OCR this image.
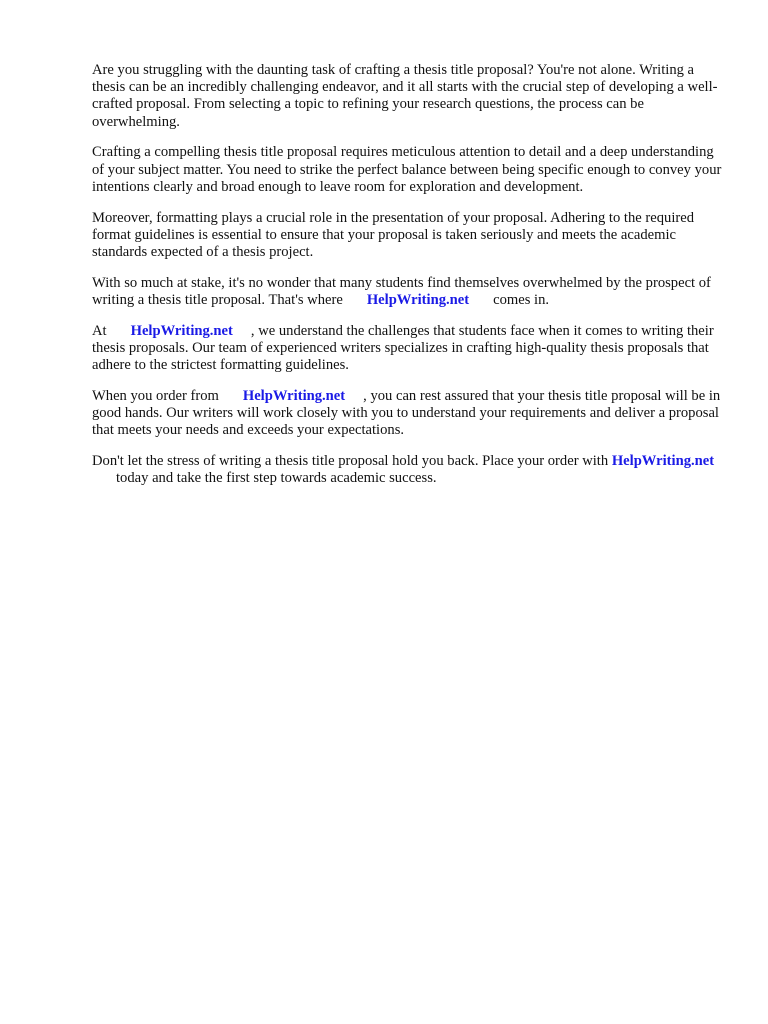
Are you struggling with the daunting task of crafting a thesis title proposal? You're not alone. Writing a thesis can be an incredibly challenging endeavor, and it all starts with the crucial step of developing a well-crafted proposal. From selecting a topic to refining your research questions, the process can be overwhelming.

Crafting a compelling thesis title proposal requires meticulous attention to detail and a deep understanding of your subject matter. You need to strike the perfect balance between being specific enough to convey your intentions clearly and broad enough to leave room for exploration and development.

Moreover, formatting plays a crucial role in the presentation of your proposal. Adhering to the required format guidelines is essential to ensure that your proposal is taken seriously and meets the academic standards expected of a thesis project.

With so much at stake, it's no wonder that many students find themselves overwhelmed by the prospect of writing a thesis title proposal. That's where HelpWriting.net comes in.

At HelpWriting.net , we understand the challenges that students face when it comes to writing their thesis proposals. Our team of experienced writers specializes in crafting high-quality thesis proposals that adhere to the strictest formatting guidelines.

When you order from HelpWriting.net , you can rest assured that your thesis title proposal will be in good hands. Our writers will work closely with you to understand your requirements and deliver a proposal that meets your needs and exceeds your expectations.

Don't let the stress of writing a thesis title proposal hold you back. Place your order with HelpWriting.nettoday and take the first step towards academic success.
